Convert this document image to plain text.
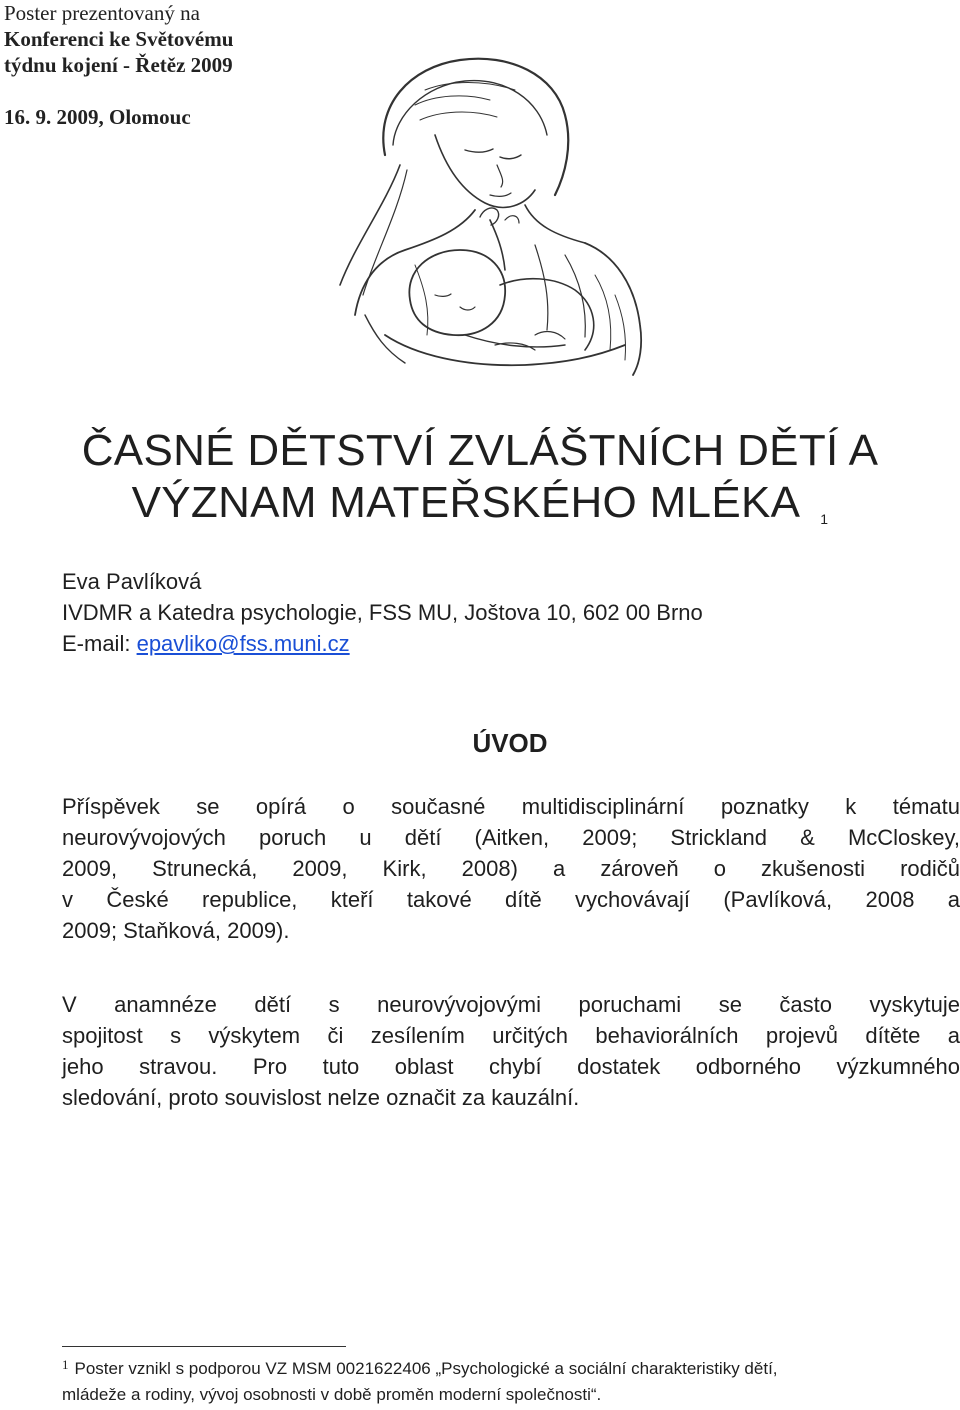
Poster prezentovaný na
Konferenci ke Světovému
týdnu kojení - Řetěz 2009
16. 9. 2009, Olomouc
ČASNÉ DĚTSTVÍ ZVLÁŠTNÍCH DĚTÍ A
VÝZNAM MATEŘSKÉHO MLÉKA $^1$
Eva Pavlíková
IVDMR a Katedra psychologie, FSS MU, Joštova 10, 602 00 Brno
E-mail: epavliko@fss.muni.cz
ÚVOD
Příspěvek se opírá o současné multidisciplinární poznatky k tématu
neurovývojových poruch u dětí (Aitken, 2009; Strickland & McCloskey,
2009, Strunecká, 2009, Kirk, 2008) a zároveň o zkušenosti rodičů
v České republice, kteří takové dítě vychovávají (Pavlíková, 2008 a
2009; Staňková, 2009).
V anamnéze dětí s neurovývojovými poruchami se často vyskytuje
spojitost s výskytem či zesílením určitých behaviorálních projevů dítěte a
jeho stravou. Pro tuto oblast chybí dostatek odborného výzkumného
sledování, proto souvislost nelze označit za kauzální.
$^1$ Poster vznikl s podporou VZ MSM 0021622406 „Psychologické a sociální charakteristiky dětí,
mládeže a rodiny, vývoj osobnosti v době proměn moderní společnosti“.
